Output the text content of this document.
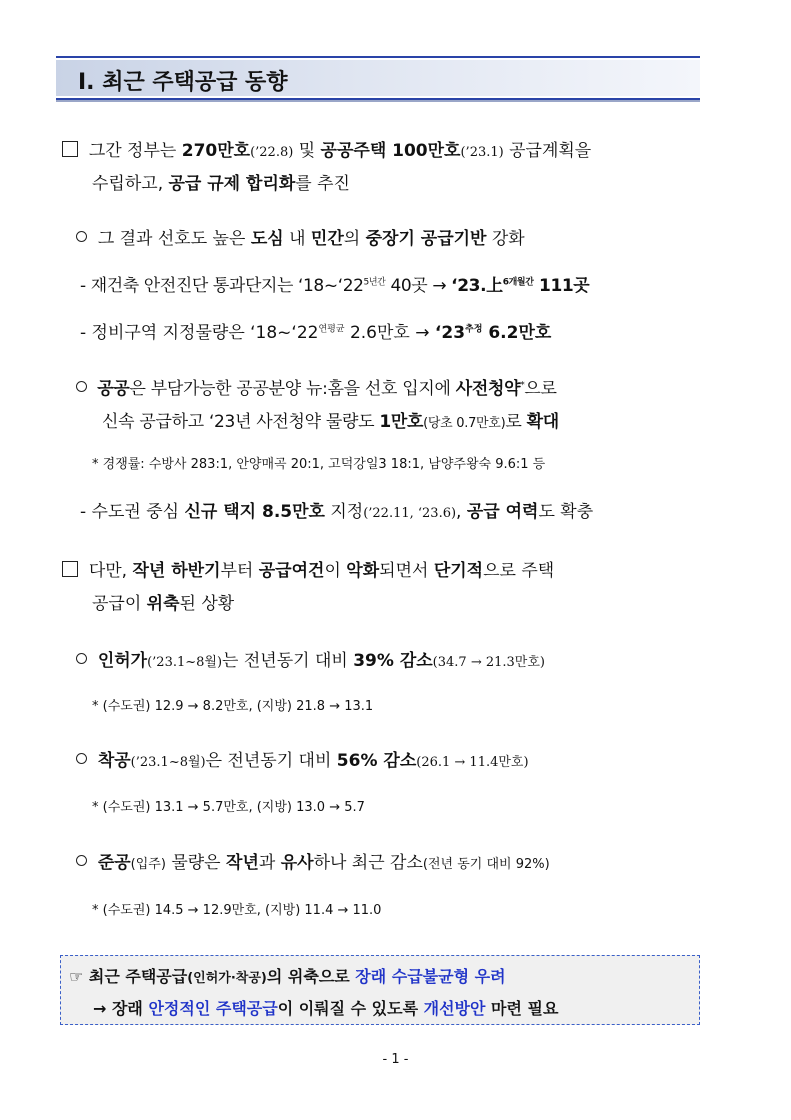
Ⅰ. 최근 주택공급 동향
그간 정부는 270만호(’22.8) 및 공공주택 100만호(’23.1) 공급계획을
수립하고, 공급 규제 합리화를 추진
그 결과 선호도 높은 도심 내 민간의 중장기 공급기반 강화
- 재건축 안전진단 통과단지는 ‘$18\sim‘22^{5년간}$ 40곳 → ‘23.上$^{6개월간}$ 111곳
- 정비구역 지정물량은 ‘$18\sim‘22^{연평균}$ 2.6만호 → ‘$23^{추정}$ 6.2만호
공공은 부담가능한 공공분양 뉴:홈을 선호 입지에 사전청약*으로
신속 공급하고 ‘23년 사전청약 물량도 1만호(당초 0.7만호)로 확대
* 경쟁률: 수방사 283:1, 안양매곡 20:1, 고덕강일3 18:1, 남양주왕숙 9.6:1 등
- 수도권 중심 신규 택지 8.5만호 지정(’22.11, ‘23.6), 공급 여력도 확충
다만, 작년 하반기부터 공급여건이 악화되면서 단기적으로 주택
공급이 위축된 상황
인허가(’23.1~8월)는 전년동기 대비 39% 감소(34.7 → 21.3만호)
* (수도권) 12.9 → 8.2만호, (지방) 21.8 → 13.1
착공(’23.1~8월)은 전년동기 대비 56% 감소(26.1 → 11.4만호)
* (수도권) 13.1 → 5.7만호, (지방) 13.0 → 5.7
준공(입주) 물량은 작년과 유사하나 최근 감소(전년 동기 대비 92%)
* (수도권) 14.5 → 12.9만호, (지방) 11.4 → 11.0
☞ 최근 주택공급(인허가·착공)의 위축으로 장래 수급불균형 우려
→ 장래 안정적인 주택공급이 이뤄질 수 있도록 개선방안 마련 필요
- 1 -
